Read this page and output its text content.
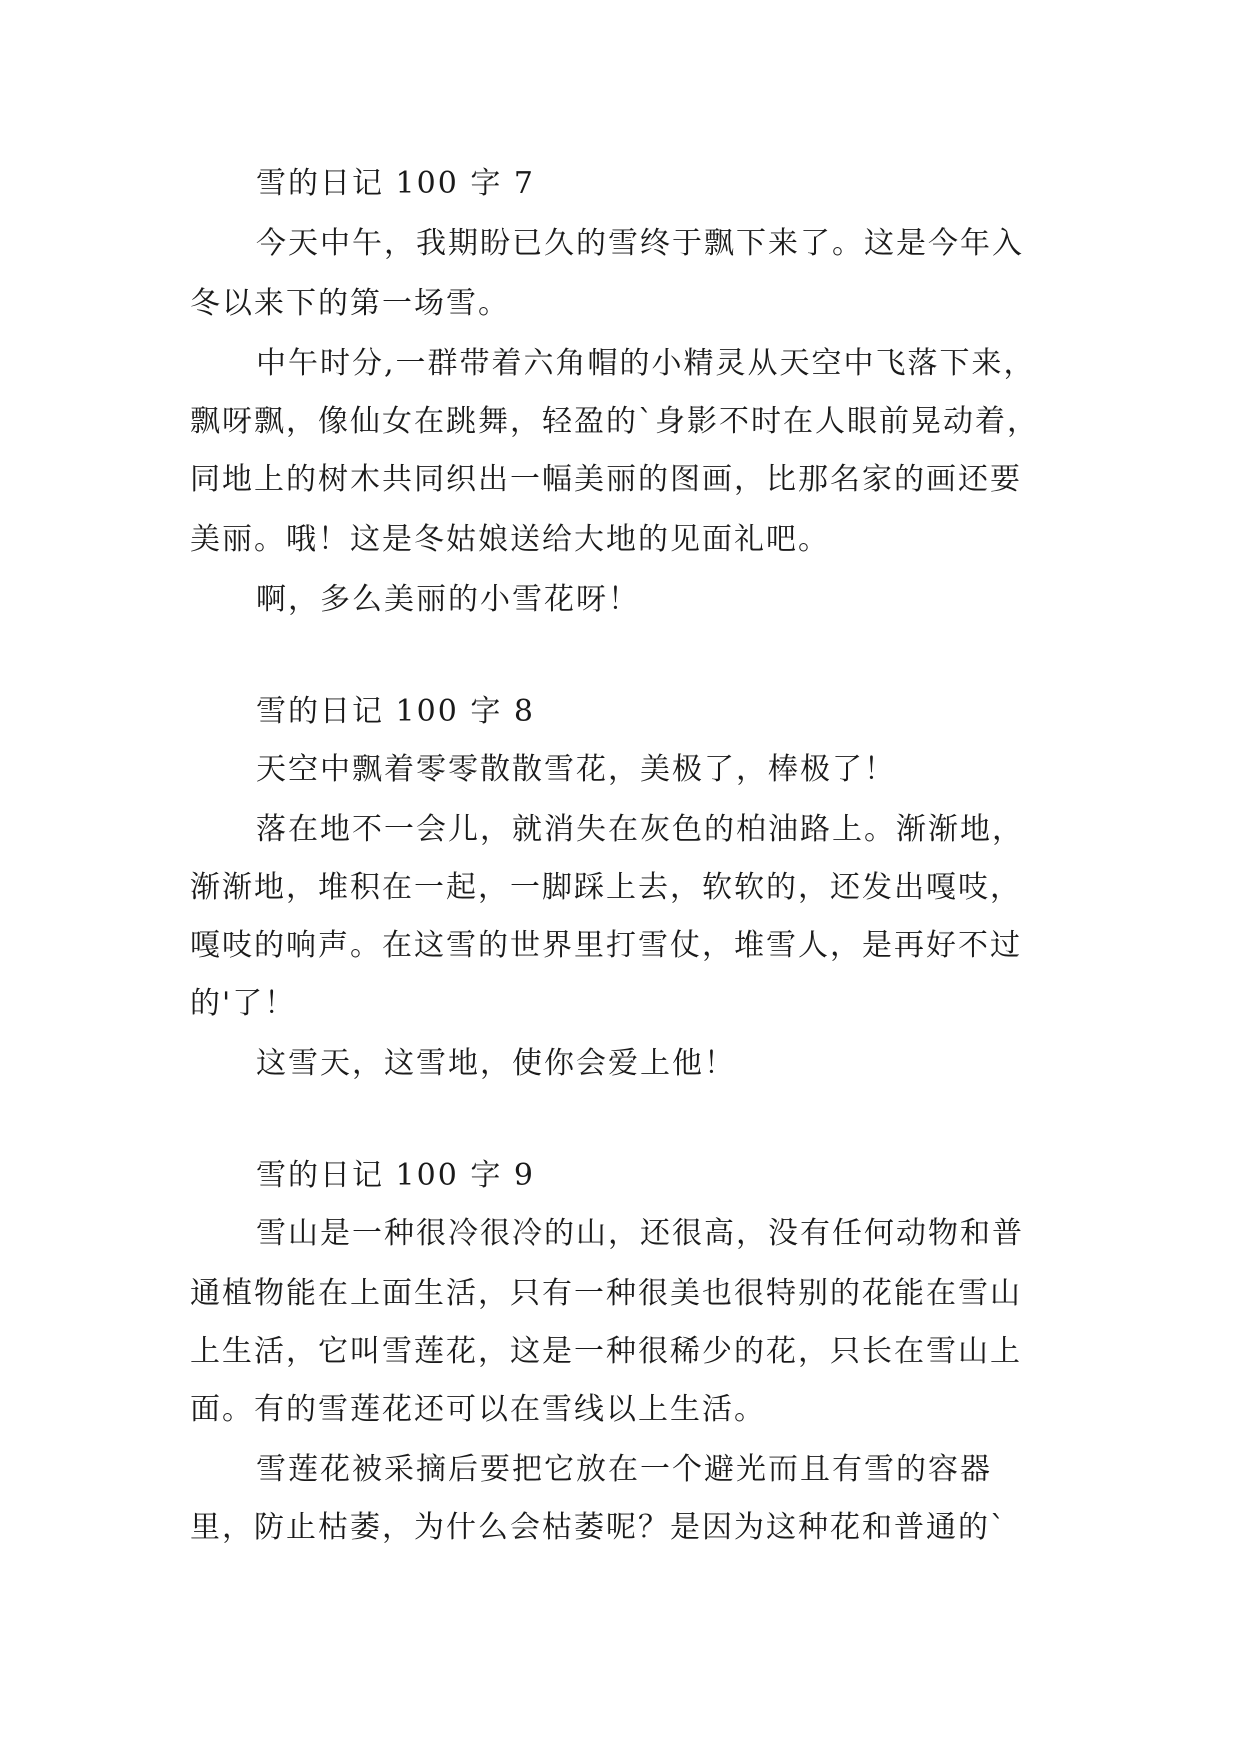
雪的日记 100 字 7
今天中午，我期盼已久的雪终于飘下来了。这是今年入
冬以来下的第一场雪。
中午时分,一群带着六角帽的小精灵从天空中飞落下来，
飘呀飘，像仙女在跳舞，轻盈的`身影不时在人眼前晃动着，
同地上的树木共同织出一幅美丽的图画，比那名家的画还要
美丽。哦！这是冬姑娘送给大地的见面礼吧。
啊，多么美丽的小雪花呀！
雪的日记 100 字 8
天空中飘着零零散散雪花，美极了，棒极了！
落在地不一会儿，就消失在灰色的柏油路上。渐渐地，
渐渐地，堆积在一起，一脚踩上去，软软的，还发出嘎吱，
嘎吱的响声。在这雪的世界里打雪仗，堆雪人，是再好不过
的'了！
这雪天，这雪地，使你会爱上他！
雪的日记 100 字 9
雪山是一种很冷很冷的山，还很高，没有任何动物和普
通植物能在上面生活，只有一种很美也很特别的花能在雪山
上生活，它叫雪莲花，这是一种很稀少的花，只长在雪山上
面。有的雪莲花还可以在雪线以上生活。
雪莲花被采摘后要把它放在一个避光而且有雪的容器
里，防止枯萎，为什么会枯萎呢？是因为这种花和普通的`
